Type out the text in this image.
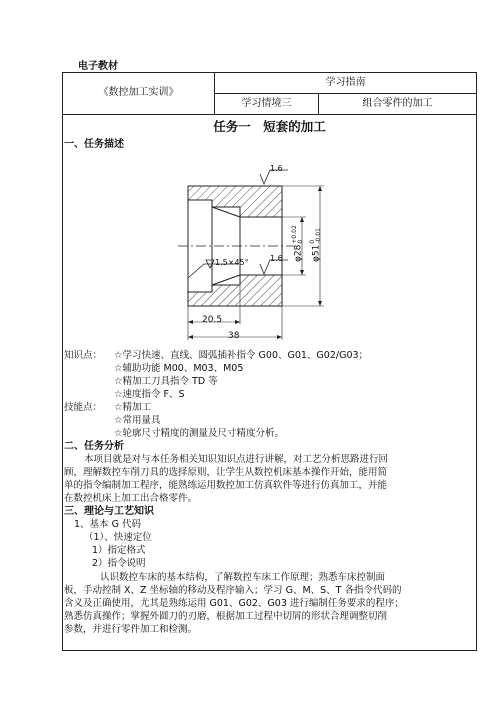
电子教材
《数控加工实训》
学习指南
学习情境三	组合零件的加工
任务一　短套的加工
一、任务描述
1.6
1.6
1.5×45°
20.5
38
φ28
+0.02 0
φ51
0 -0.01
知识点： ☆学习快速、直线、圆弧插补指令 G00、G01、G02/G03；
☆辅助功能 M00、M03、M05
☆精加工刀具指令 TD 等
☆速度指令 F、S
技能点： ☆精加工
☆常用量具
☆轮廓尺寸精度的测量及尺寸精度分析。
二、任务分析
本项目就是对与本任务相关知识知识点进行讲解，对工艺分析思路进行回
顾，理解数控车削刀具的选择原则，让学生从数控机床基本操作开始，能用简
单的指令编制加工程序，能熟练运用数控加工仿真软件等进行仿真加工，并能
在数控机床上加工出合格零件。
三、理论与工艺知识
1、基本 G 代码
（1）、快速定位
1）指定格式
2）指令说明
认识数控车床的基本结构，了解数控车床工作原理；熟悉车床控制面
板，手动控制 X、Z 坐标轴的移动及程序输入；学习 G、M、S、T 各指令代码的
含义及正确使用，尤其是熟练运用 G01、G02、G03 进行编制任务要求的程序；
熟悉仿真操作；掌握外圆刀的刃磨，根据加工过程中切屑的形状合理调整切削
参数，并进行零件加工和检测。
